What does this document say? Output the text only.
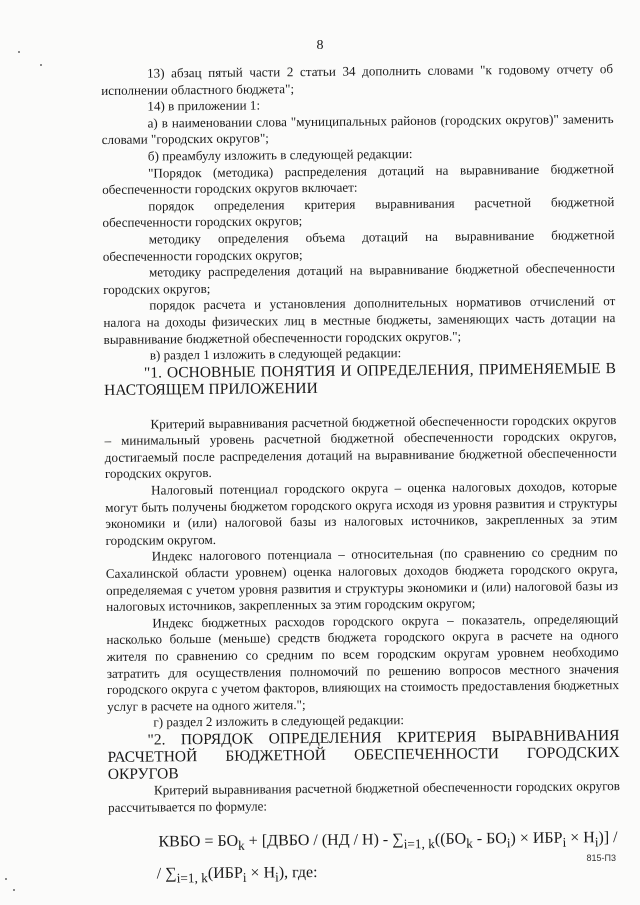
8

13) абзац пятый части 2 статьи 34 дополнить словами "к годовому отчету об исполнении областного бюджета";

14) в приложении 1:

а) в наименовании слова "муниципальных районов (городских округов)" заменить словами "городских округов";

б) преамбулу изложить в следующей редакции:

"Порядок (методика) распределения дотаций на выравнивание бюджетной обеспеченности городских округов включает:

порядок определения критерия выравнивания расчетной бюджетной обеспеченности городских округов;

методику определения объема дотаций на выравнивание бюджетной обеспеченности городских округов;

методику распределения дотаций на выравнивание бюджетной обеспеченности городских округов;

порядок расчета и установления дополнительных нормативов отчислений от налога на доходы физических лиц в местные бюджеты, заменяющих часть дотации на выравнивание бюджетной обеспеченности городских округов.";

в) раздел 1 изложить в следующей редакции:

"1. ОСНОВНЫЕ ПОНЯТИЯ И ОПРЕДЕЛЕНИЯ, ПРИМЕНЯЕМЫЕ В НАСТОЯЩЕМ ПРИЛОЖЕНИИ

Критерий выравнивания расчетной бюджетной обеспеченности городских округов – минимальный уровень расчетной бюджетной обеспеченности городских округов, достигаемый после распределения дотаций на выравнивание бюджетной обеспеченности городских округов.

Налоговый потенциал городского округа – оценка налоговых доходов, которые могут быть получены бюджетом городского округа исходя из уровня развития и структуры экономики и (или) налоговой базы из налоговых источников, закрепленных за этим городским округом.

Индекс налогового потенциала – относительная (по сравнению со средним по Сахалинской области уровнем) оценка налоговых доходов бюджета городского округа, определяемая с учетом уровня развития и структуры экономики и (или) налоговой базы из налоговых источников, закрепленных за этим городским округом;

Индекс бюджетных расходов городского округа – показатель, определяющий насколько больше (меньше) средств бюджета городского округа в расчете на одного жителя по сравнению со средним по всем городским округам уровнем необходимо затратить для осуществления полномочий по решению вопросов местного значения городского округа с учетом факторов, влияющих на стоимость предоставления бюджетных услуг в расчете на одного жителя.";

г) раздел 2 изложить в следующей редакции:

"2. ПОРЯДОК ОПРЕДЕЛЕНИЯ КРИТЕРИЯ ВЫРАВНИВАНИЯ РАСЧЕТНОЙ БЮДЖЕТНОЙ ОБЕСПЕЧЕННОСТИ ГОРОДСКИХ ОКРУГОВ

Критерий выравнивания расчетной бюджетной обеспеченности городских округов рассчитывается по формуле:

КВБО = $БО_k$ + [ДВБО / $(НД / Н) - \sum_{i=1, k}((БО_k - БО_i) \times ИБР_i \times Н_i)$] /
/ $\sum_{i=1, k}(ИБР_i \times Н_i)$, где:
815-П3
